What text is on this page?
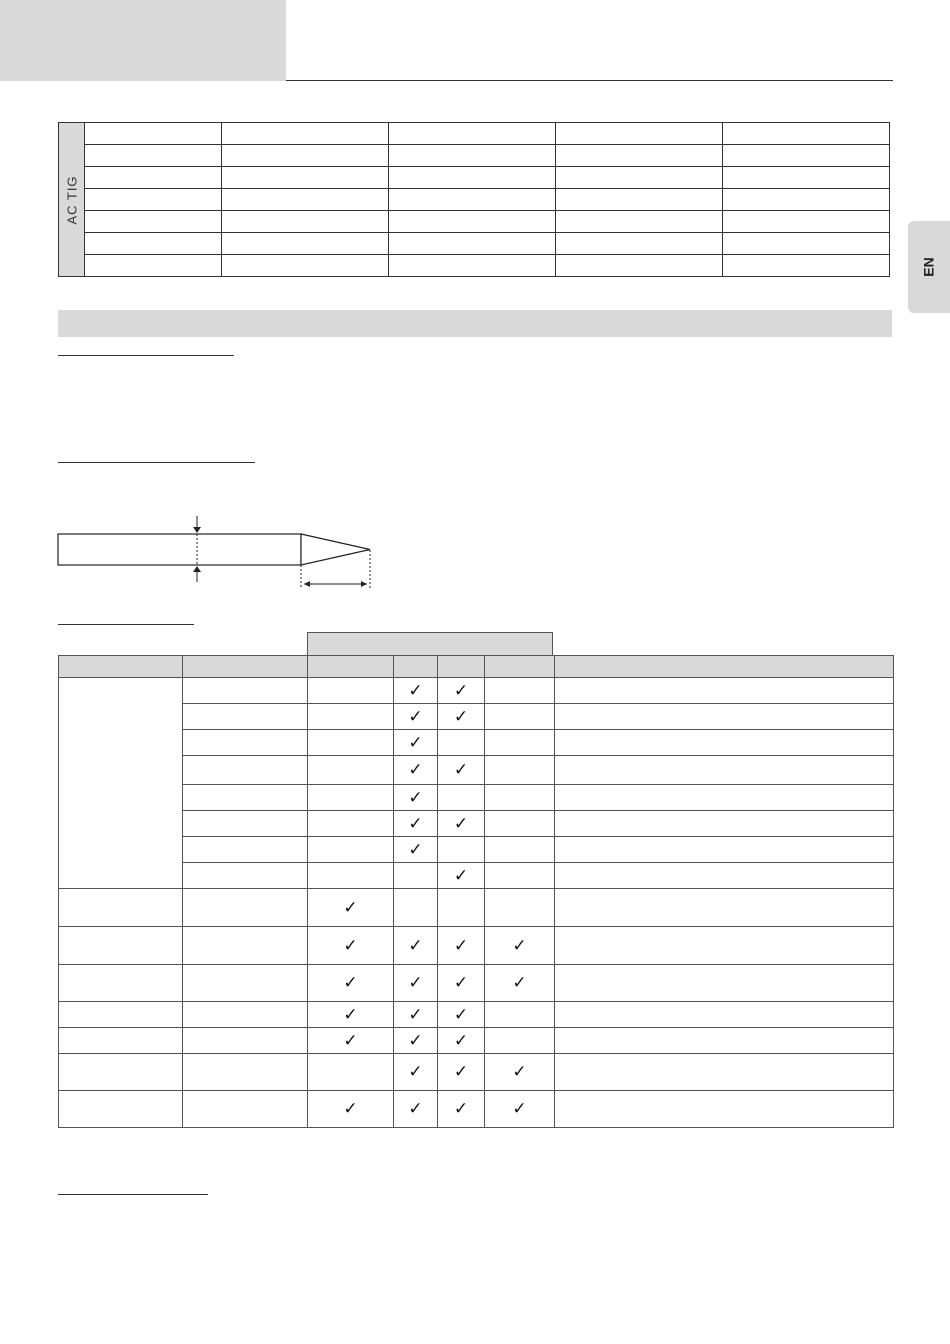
EN
AC TIG					

			✓	✓		
			✓	✓		
			✓			
			✓	✓		
			✓			
			✓	✓		
			✓			
				✓		
		✓				
		✓	✓	✓	✓	
		✓	✓	✓	✓	
		✓	✓	✓		
		✓	✓	✓		
			✓	✓	✓	
		✓	✓	✓	✓	
